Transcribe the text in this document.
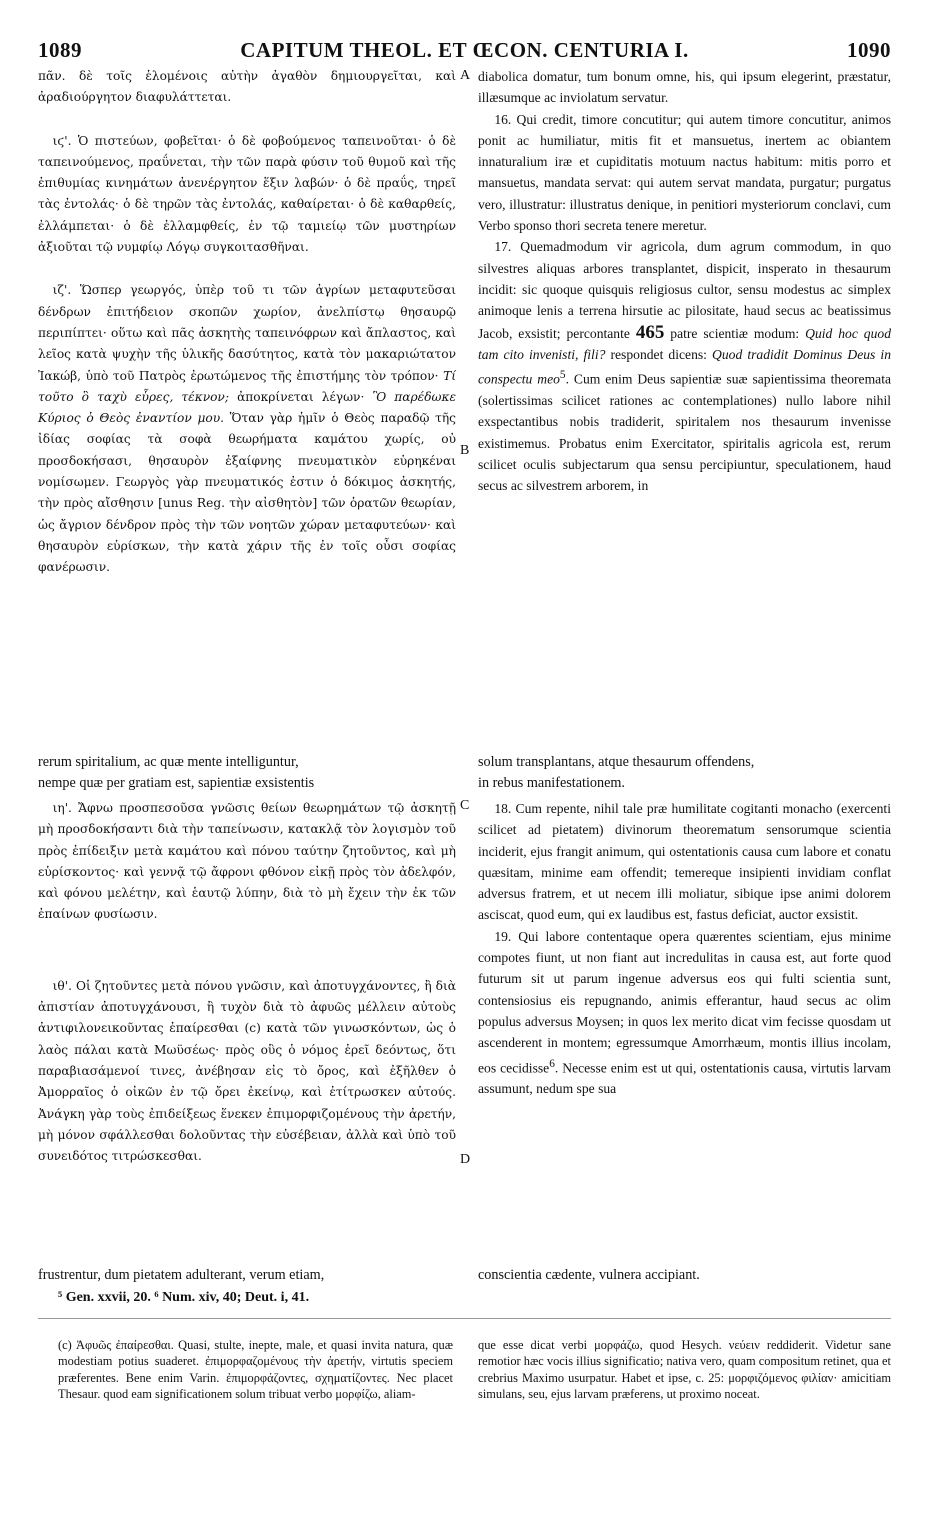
1089	CAPITUM THEOL. ET ŒCON. CENTURIA I.	1090
A
B
C
D

πᾶν. δὲ τοῖς ἑλομένοις αὐτὴν ἀγαθὸν δημιουργεῖται, καὶ ἀραδιούργητον διαφυλάττεται.

ιϛ'. Ὁ πιστεύων, φοβεῖται· ὁ δὲ φοβούμενος ταπεινοῦται· ὁ δὲ ταπεινούμενος, πραΰνεται, τὴν τῶν παρὰ φύσιν τοῦ θυμοῦ καὶ τῆς ἐπιθυμίας κινημάτων ἀνενέργητον ἕξιν λαβών· ὁ δὲ πραΰς, τηρεῖ τὰς ἐντολάς· ὁ δὲ τηρῶν τὰς ἐντολάς, καθαίρεται· ὁ δὲ καθαρθείς, ἐλλάμπεται· ὁ δὲ ἐλλαμφθείς, ἐν τῷ ταμιείῳ τῶν μυστηρίων ἀξιοῦται τῷ νυμφίῳ Λόγῳ συγκοιτασθῆναι.

ιζ'. Ὥσπερ γεωργός, ὑπὲρ τοῦ τι τῶν ἀγρίων μεταφυτεῦσαι δένδρων ἐπιτήδειον σκοπῶν χωρίον, ἀνελπίστῳ θησαυρῷ περιπίπτει· οὕτω καὶ πᾶς ἀσκητὴς ταπεινόφρων καὶ ἄπλαστος, καὶ λεῖος κατὰ ψυχὴν τῆς ὑλικῆς δασύτητος, κατὰ τὸν μακαριώτατον Ἰακώβ, ὑπὸ τοῦ Πατρὸς ἐρωτώμενος τῆς ἐπιστήμης τὸν τρόπον· Τί τοῦτο ὃ ταχὺ εὗρες, τέκνον; ἀποκρίνεται λέγων· Ὃ παρέδωκε Κύριος ὁ Θεὸς ἐναντίον μου. Ὅταν γὰρ ἡμῖν ὁ Θεὸς παραδῷ τῆς ἰδίας σοφίας τὰ σοφὰ θεωρήματα καμάτου χωρίς, οὐ προσδοκήσασι, θησαυρὸν ἐξαίφνης πνευματικὸν εὑρηκέναι νομίσωμεν. Γεωργὸς γὰρ πνευματικός ἐστιν ὁ δόκιμος ἀσκητής, τὴν πρὸς αἴσθησιν [unus Reg. τὴν αἰσθητὸν] τῶν ὁρατῶν θεωρίαν, ὡς ἄγριον δένδρον πρὸς τὴν τῶν νοητῶν χώραν μεταφυτεύων· καὶ θησαυρὸν εὑρίσκων, τὴν κατὰ χάριν τῆς ἐν τοῖς οὖσι σοφίας φανέρωσιν.

diabolica domatur, tum bonum omne, his, qui ipsum elegerint, præstatur, illæsumque ac inviolatum servatur.

16. Qui credit, timore concutitur; qui autem timore concutitur, animos ponit ac humiliatur, mitis fit et mansuetus, inertem ac obiantem innaturalium iræ et cupiditatis motuum nactus habitum: mitis porro et mansuetus, mandata servat: qui autem servat mandata, purgatur; purgatus vero, illustratur: illustratus denique, in penitiori mysteriorum conclavi, cum Verbo sponso thori secreta tenere meretur.

17. Quemadmodum vir agricola, dum agrum commodum, in quo silvestres aliquas arbores transplantet, dispicit, insperato in thesaurum incidit: sic quoque quisquis religiosus cultor, sensu modestus ac simplex animoque lenis a terrena hirsutie ac pilositate, haud secus ac beatissimus Jacob, exsistit; percontante 465 patre scientiæ modum: Quid hoc quod tam cito invenisti, fili? respondet dicens: Quod tradidit Dominus Deus in conspectu meo$^5$. Cum enim Deus sapientiæ suæ sapientissima theoremata (solertissimas scilicet rationes ac contemplationes) nullo labore nihil exspectantibus nobis tradiderit, spiritalem nos thesaurum invenisse existimemus. Probatus enim Exercitator, spiritalis agricola est, rerum scilicet oculis subjectarum qua sensu percipiuntur, speculationem, haud secus ac silvestrem arborem, in

rerum spiritalium, ac quæ mente intelliguntur,	solum transplantans, atque thesaurum offendens,
nempe quæ per gratiam est, sapientiæ exsistentis	in rebus manifestationem.

ιη'. Ἄφνω προσπεσοῦσα γνῶσις θείων θεωρημάτων τῷ ἀσκητῇ μὴ προσδοκήσαντι διὰ τὴν ταπείνωσιν, κατακλᾷ τὸν λογισμὸν τοῦ πρὸς ἐπίδειξιν μετὰ καμάτου καὶ πόνου ταύτην ζητοῦντος, καὶ μὴ εὑρίσκοντος· καὶ γεννᾷ τῷ ἄφρονι φθόνον εἰκῇ πρὸς τὸν ἀδελφόν, καὶ φόνου μελέτην, καὶ ἑαυτῷ λύπην, διὰ τὸ μὴ ἔχειν τὴν ἐκ τῶν ἐπαίνων φυσίωσιν.

ιθ'. Οἱ ζητοῦντες μετὰ πόνου γνῶσιν, καὶ ἀποτυγχάνοντες, ἢ διὰ ἀπιστίαν ἀποτυγχάνουσι, ἢ τυχὸν διὰ τὸ ἀφυῶς μέλλειν αὐτοὺς ἀντιφιλονεικοῦντας ἐπαίρεσθαι (c) κατὰ τῶν γινωσκόντων, ὡς ὁ λαὸς πάλαι κατὰ Μωϋσέως· πρὸς οὓς ὁ νόμος ἐρεῖ δεόντως, ὅτι παραβιασάμενοί τινες, ἀνέβησαν εἰς τὸ ὄρος, καὶ ἐξῆλθεν ὁ Ἀμορραῖος ὁ οἰκῶν ἐν τῷ ὄρει ἐκείνῳ, καὶ ἐτίτρωσκεν αὐτούς. Ἀνάγκη γὰρ τοὺς ἐπιδείξεως ἕνεκεν ἐπιμορφιζομένους τὴν ἀρετήν, μὴ μόνον σφάλλεσθαι δολοῦντας τὴν εὐσέβειαν, ἀλλὰ καὶ ὑπὸ τοῦ συνειδότος τιτρώσκεσθαι.

18. Cum repente, nihil tale præ humilitate cogitanti monacho (exercenti scilicet ad pietatem) divinorum theorematum sensorumque scientia inciderit, ejus frangit animum, qui ostentationis causa cum labore et conatu quæsitam, minime eam offendit; temereque insipienti invidiam conflat adversus fratrem, et ut necem illi moliatur, sibique ipse animi dolorem asciscat, quod eum, qui ex laudibus est, fastus deficiat, auctor exsistit.

19. Qui labore contentaque opera quærentes scientiam, ejus minime compotes fiunt, ut non fiant aut incredulitas in causa est, aut forte quod futurum sit ut parum ingenue adversus eos qui fulti scientia sunt, contensiosius eis repugnando, animis efferantur, haud secus ac olim populus adversus Moysen; in quos lex merito dicat vim fecisse quosdam ut ascenderent in montem; egressumque Amorrhæum, montis illius incolam, eos cecidisse$^6$. Necesse enim est ut qui, ostentationis causa, virtutis larvam assumunt, nedum spe sua

frustrentur, dum pietatem adulterant, verum etiam,	conscientia cædente, vulnera accipiant.
⁵ Gen. xxvii, 20. ⁶ Num. xiv, 40; Deut. i, 41.
(c) Ἀφυῶς ἐπαίρεσθαι. Quasi, stulte, inepte, male, et quasi invita natura, quæ modestiam potius suaderet. ἐπιμορφαζομένους τὴν ἀρετήν, virtutis speciem præferentes. Bene enim Varin. ἐπιμορφάζοντες, σχηματίζοντες. Nec placet Thesaur. quod eam significationem solum tribuat verbo μορφίζω, aliam-
que esse dicat verbi μορφάζω, quod Hesych. νεύειν reddiderit. Videtur sane remotior hæc vocis illius significatio; nativa vero, quam compositum retinet, qua et crebrius Maximo usurpatur. Habet et ipse, c. 25: μορφιζόμενος φιλίαν· amicitiam simulans, seu, ejus larvam præferens, ut proximo noceat.
